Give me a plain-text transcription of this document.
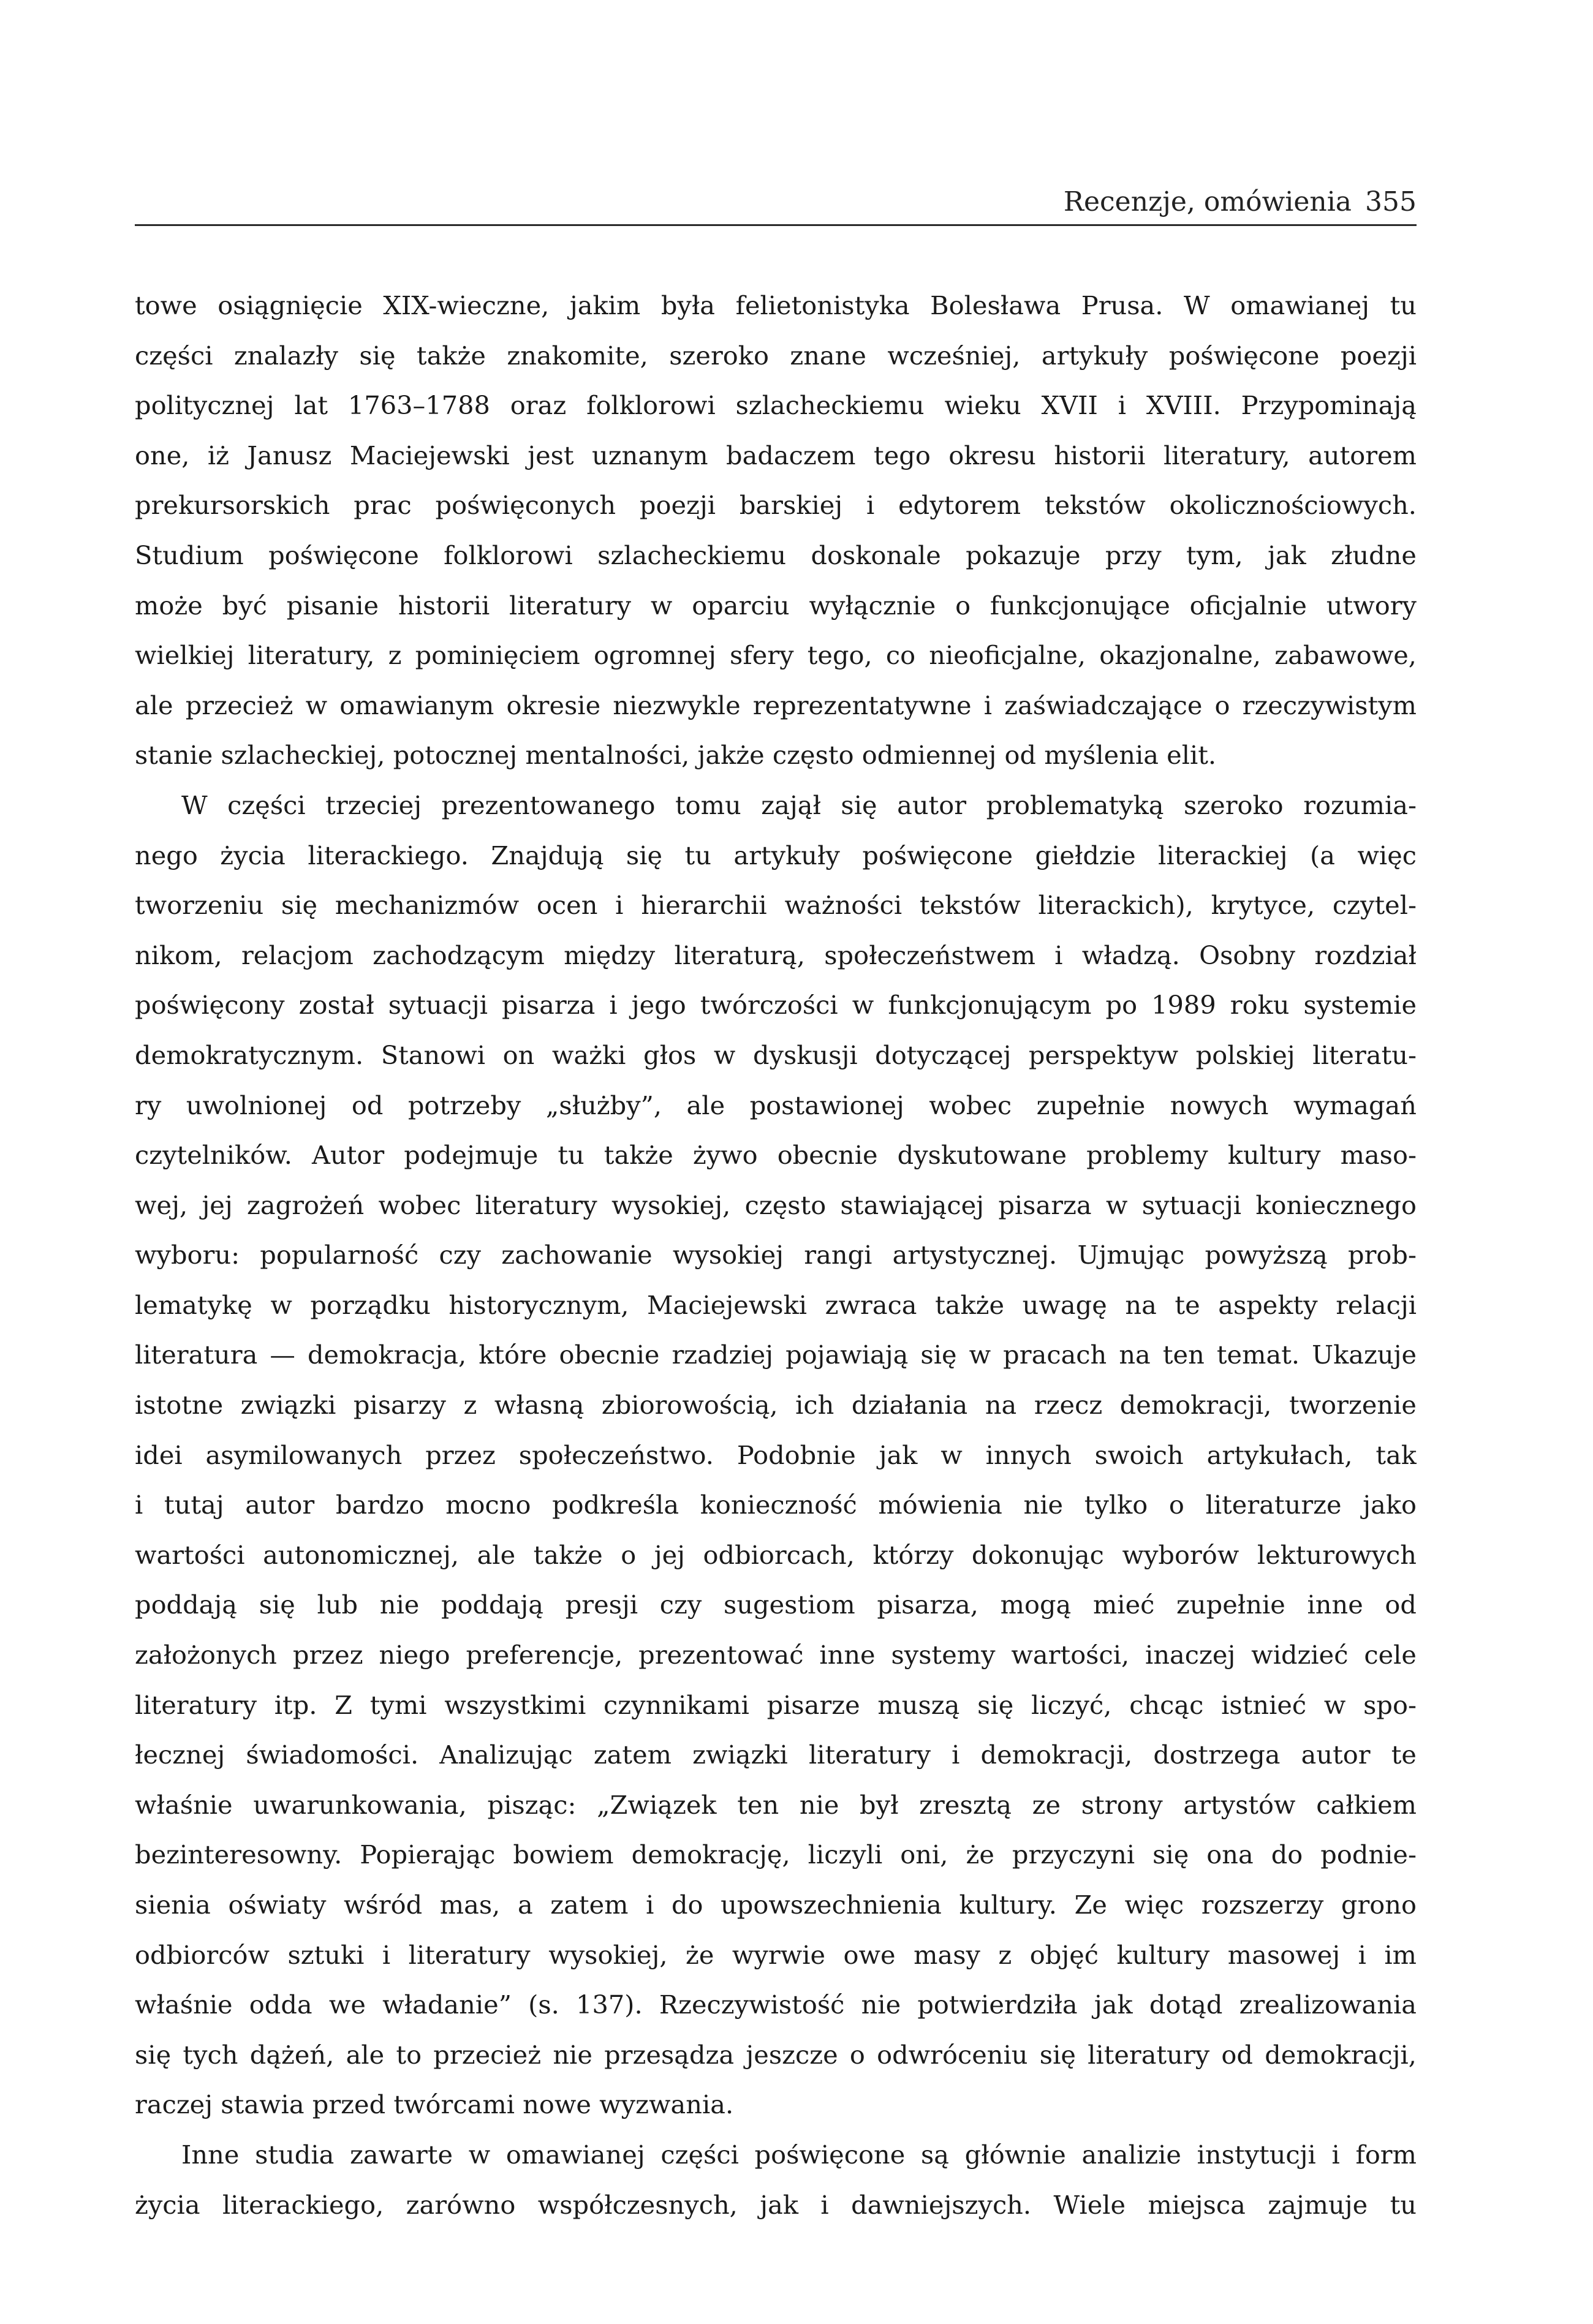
Recenzje, omówienia 355
towe osiągnięcie XIX-wieczne, jakim była felietonistyka Bolesława Prusa. W omawianej tu
części znalazły się także znakomite, szeroko znane wcześniej, artykuły poświęcone poezji
politycznej lat 1763–1788 oraz folklorowi szlacheckiemu wieku XVII i XVIII. Przypominają
one, iż Janusz Maciejewski jest uznanym badaczem tego okresu historii literatury, autorem
prekursorskich prac poświęconych poezji barskiej i edytorem tekstów okolicznościowych.
Studium poświęcone folklorowi szlacheckiemu doskonale pokazuje przy tym, jak złudne
może być pisanie historii literatury w oparciu wyłącznie o funkcjonujące oficjalnie utwory
wielkiej literatury, z pominięciem ogromnej sfery tego, co nieoficjalne, okazjonalne, zabawowe,
ale przecież w omawianym okresie niezwykle reprezentatywne i zaświadczające o rzeczywistym
stanie szlacheckiej, potocznej mentalności, jakże często odmiennej od myślenia elit.
W części trzeciej prezentowanego tomu zajął się autor problematyką szeroko rozumia-
nego życia literackiego. Znajdują się tu artykuły poświęcone giełdzie literackiej (a więc
tworzeniu się mechanizmów ocen i hierarchii ważności tekstów literackich), krytyce, czytel-
nikom, relacjom zachodzącym między literaturą, społeczeństwem i władzą. Osobny rozdział
poświęcony został sytuacji pisarza i jego twórczości w funkcjonującym po 1989 roku systemie
demokratycznym. Stanowi on ważki głos w dyskusji dotyczącej perspektyw polskiej literatu-
ry uwolnionej od potrzeby „służby”, ale postawionej wobec zupełnie nowych wymagań
czytelników. Autor podejmuje tu także żywo obecnie dyskutowane problemy kultury maso-
wej, jej zagrożeń wobec literatury wysokiej, często stawiającej pisarza w sytuacji koniecznego
wyboru: popularność czy zachowanie wysokiej rangi artystycznej. Ujmując powyższą prob-
lematykę w porządku historycznym, Maciejewski zwraca także uwagę na te aspekty relacji
literatura — demokracja, które obecnie rzadziej pojawiają się w pracach na ten temat. Ukazuje
istotne związki pisarzy z własną zbiorowością, ich działania na rzecz demokracji, tworzenie
idei asymilowanych przez społeczeństwo. Podobnie jak w innych swoich artykułach, tak
i tutaj autor bardzo mocno podkreśla konieczność mówienia nie tylko o literaturze jako
wartości autonomicznej, ale także o jej odbiorcach, którzy dokonując wyborów lekturowych
poddają się lub nie poddają presji czy sugestiom pisarza, mogą mieć zupełnie inne od
założonych przez niego preferencje, prezentować inne systemy wartości, inaczej widzieć cele
literatury itp. Z tymi wszystkimi czynnikami pisarze muszą się liczyć, chcąc istnieć w spo-
łecznej świadomości. Analizując zatem związki literatury i demokracji, dostrzega autor te
właśnie uwarunkowania, pisząc: „Związek ten nie był zresztą ze strony artystów całkiem
bezinteresowny. Popierając bowiem demokrację, liczyli oni, że przyczyni się ona do podnie-
sienia oświaty wśród mas, a zatem i do upowszechnienia kultury. Ze więc rozszerzy grono
odbiorców sztuki i literatury wysokiej, że wyrwie owe masy z objęć kultury masowej i im
właśnie odda we władanie” (s. 137). Rzeczywistość nie potwierdziła jak dotąd zrealizowania
się tych dążeń, ale to przecież nie przesądza jeszcze o odwróceniu się literatury od demokracji,
raczej stawia przed twórcami nowe wyzwania.
Inne studia zawarte w omawianej części poświęcone są głównie analizie instytucji i form
życia literackiego, zarówno współczesnych, jak i dawniejszych. Wiele miejsca zajmuje tu
